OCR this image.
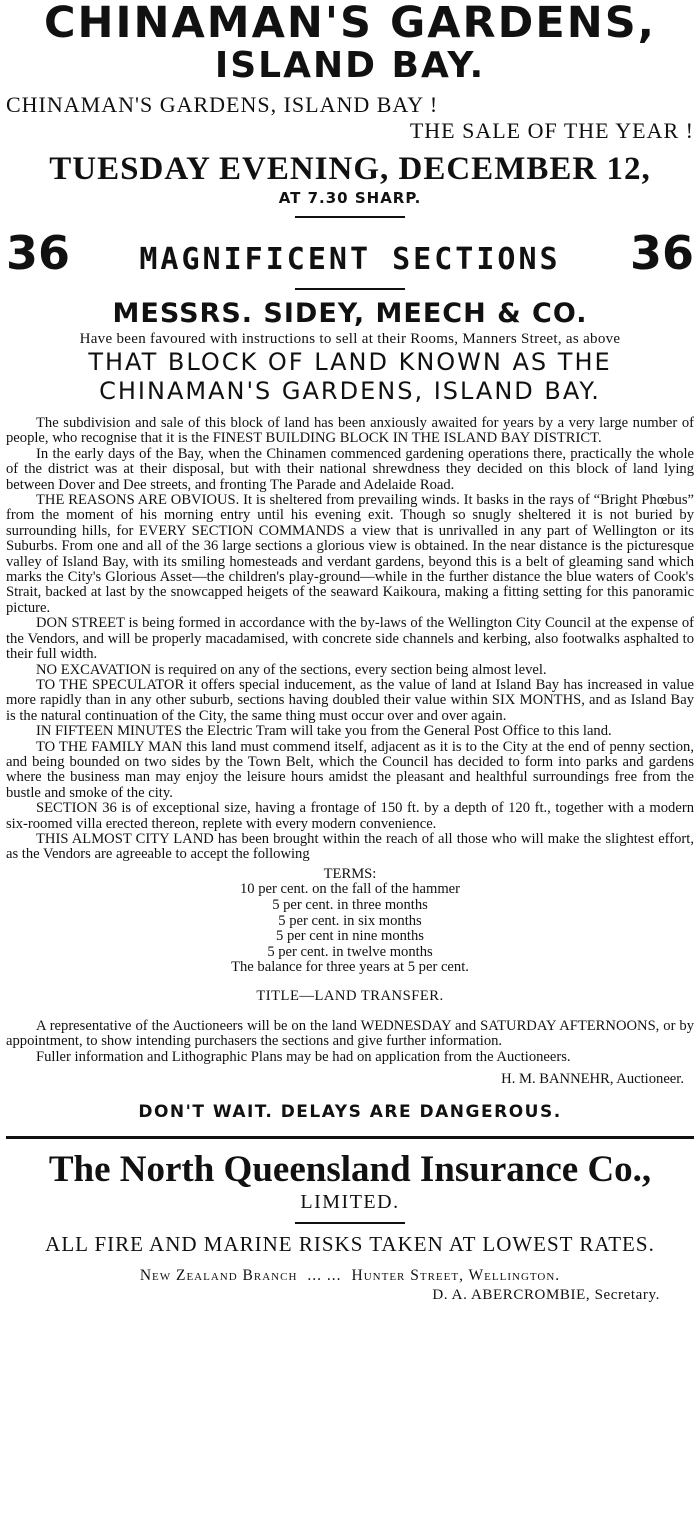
CHINAMAN'S GARDENS,
ISLAND BAY.
CHINAMAN'S GARDENS, ISLAND BAY !
THE SALE OF THE YEAR !
TUESDAY EVENING, DECEMBER 12,
AT 7.30 SHARP.
36 MAGNIFICENT SECTIONS 36
MESSRS. SIDEY, MEECH & CO.
Have been favoured with instructions to sell at their Rooms, Manners Street, as above
THAT BLOCK OF LAND KNOWN AS THE
CHINAMAN'S GARDENS, ISLAND BAY.

The subdivision and sale of this block of land has been anxiously awaited for years by a very large number of people, who recognise that it is the FINEST BUILDING BLOCK IN THE ISLAND BAY DISTRICT.

In the early days of the Bay, when the Chinamen commenced gardening operations there, practically the whole of the district was at their disposal, but with their national shrewdness they decided on this block of land lying between Dover and Dee streets, and fronting The Parade and Adelaide Road.

THE REASONS ARE OBVIOUS. It is sheltered from prevailing winds. It basks in the rays of “Bright Phœbus” from the moment of his morning entry until his evening exit. Though so snugly sheltered it is not buried by surrounding hills, for EVERY SECTION COMMANDS a view that is unrivalled in any part of Wellington or its Suburbs. From one and all of the 36 large sections a glorious view is obtained. In the near distance is the picturesque valley of Island Bay, with its smiling homesteads and verdant gardens, beyond this is a belt of gleaming sand which marks the City's Glorious Asset—the children's play-ground—while in the further distance the blue waters of Cook's Strait, backed at last by the snowcapped heigets of the seaward Kaikoura, making a fitting setting for this panoramic picture.

DON STREET is being formed in accordance with the by-laws of the Wellington City Council at the expense of the Vendors, and will be properly macadamised, with concrete side channels and kerbing, also footwalks asphalted to their full width.

NO EXCAVATION is required on any of the sections, every section being almost level.

TO THE SPECULATOR it offers special inducement, as the value of land at Island Bay has increased in value more rapidly than in any other suburb, sections having doubled their value within SIX MONTHS, and as Island Bay is the natural continuation of the City, the same thing must occur over and over again.

IN FIFTEEN MINUTES the Electric Tram will take you from the General Post Office to this land.

TO THE FAMILY MAN this land must commend itself, adjacent as it is to the City at the end of penny section, and being bounded on two sides by the Town Belt, which the Council has decided to form into parks and gardens where the business man may enjoy the leisure hours amidst the pleasant and healthful surroundings free from the bustle and smoke of the city.

SECTION 36 is of exceptional size, having a frontage of 150 ft. by a depth of 120 ft., together with a modern six-roomed villa erected thereon, replete with every modern convenience.

THIS ALMOST CITY LAND has been brought within the reach of all those who will make the slightest effort, as the Vendors are agreeable to accept the following

TERMS:
10 per cent. on the fall of the hammer
5 per cent. in three months
5 per cent. in six months
5 per cent in nine months
5 per cent. in twelve months
The balance for three years at 5 per cent.
TITLE—LAND TRANSFER.

A representative of the Auctioneers will be on the land WEDNESDAY and SATURDAY AFTERNOONS, or by appointment, to show intending purchasers the sections and give further information.

Fuller information and Lithographic Plans may be had on application from the Auctioneers.

H. M. BANNEHR, Auctioneer.
DON'T WAIT. DELAYS ARE DANGEROUS.
The North Queensland Insurance Co.,
LIMITED.
ALL FIRE AND MARINE RISKS TAKEN AT LOWEST RATES.
New Zealand Branch ... ... Hunter Street, Wellington.
D. A. ABERCROMBIE, Secretary.
